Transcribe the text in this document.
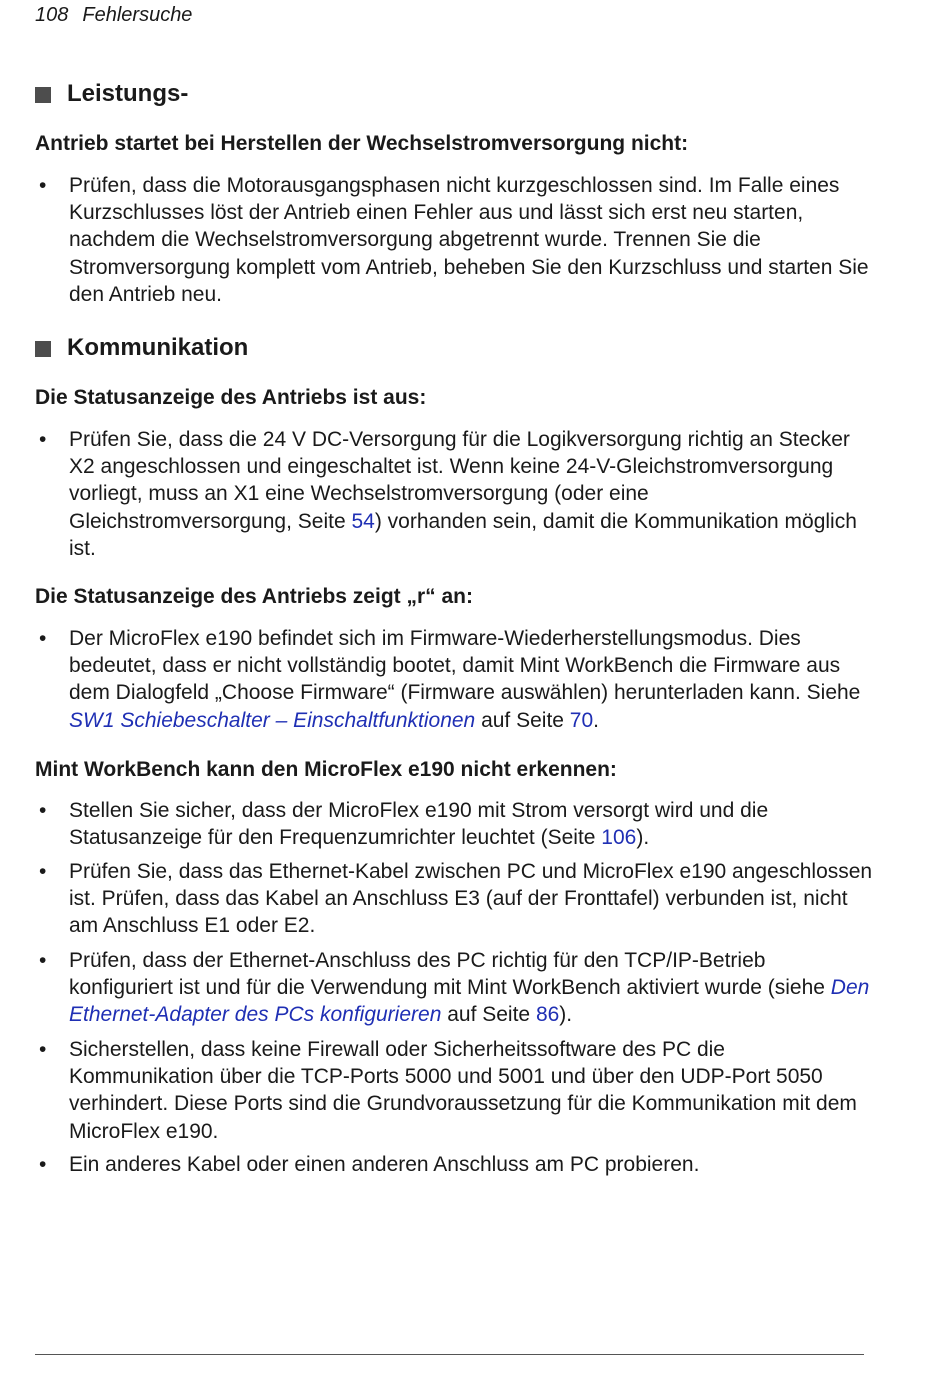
108 Fehlersuche
Leistungs-
Antrieb startet bei Herstellen der Wechselstromversorgung nicht:
• Prüfen, dass die Motorausgangsphasen nicht kurzgeschlossen sind. Im Falle eines Kurzschlusses löst der Antrieb einen Fehler aus und lässt sich erst neu starten, nachdem die Wechselstromversorgung abgetrennt wurde. Trennen Sie die Stromversorgung komplett vom Antrieb, beheben Sie den Kurzschluss und starten Sie den Antrieb neu.
Kommunikation
Die Statusanzeige des Antriebs ist aus:
• Prüfen Sie, dass die 24 V DC-Versorgung für die Logikversorgung richtig an Stecker X2 angeschlossen und eingeschaltet ist. Wenn keine 24-V-Gleichstromversorgung vorliegt, muss an X1 eine Wechselstromversorgung (oder eine Gleichstromversorgung, Seite 54) vorhanden sein, damit die Kommunikation möglich ist.
Die Statusanzeige des Antriebs zeigt „r“ an:
• Der MicroFlex e190 befindet sich im Firmware-Wiederherstellungsmodus. Dies bedeutet, dass er nicht vollständig bootet, damit Mint WorkBench die Firmware aus dem Dialogfeld „Choose Firmware“ (Firmware auswählen) herunterladen kann. Siehe SW1 Schiebeschalter – Einschaltfunktionen auf Seite 70.
Mint WorkBench kann den MicroFlex e190 nicht erkennen:
• Stellen Sie sicher, dass der MicroFlex e190 mit Strom versorgt wird und die Statusanzeige für den Frequenzumrichter leuchtet (Seite 106).
• Prüfen Sie, dass das Ethernet-Kabel zwischen PC und MicroFlex e190 angeschlossen ist. Prüfen, dass das Kabel an Anschluss E3 (auf der Fronttafel) verbunden ist, nicht am Anschluss E1 oder E2.
• Prüfen, dass der Ethernet-Anschluss des PC richtig für den TCP/IP-Betrieb konfiguriert ist und für die Verwendung mit Mint WorkBench aktiviert wurde (siehe Den Ethernet-Adapter des PCs konfigurieren auf Seite 86).
• Sicherstellen, dass keine Firewall oder Sicherheitssoftware des PC die Kommunikation über die TCP-Ports 5000 und 5001 und über den UDP-Port 5050 verhindert. Diese Ports sind die Grundvoraussetzung für die Kommunikation mit dem MicroFlex e190.
• Ein anderes Kabel oder einen anderen Anschluss am PC probieren.
